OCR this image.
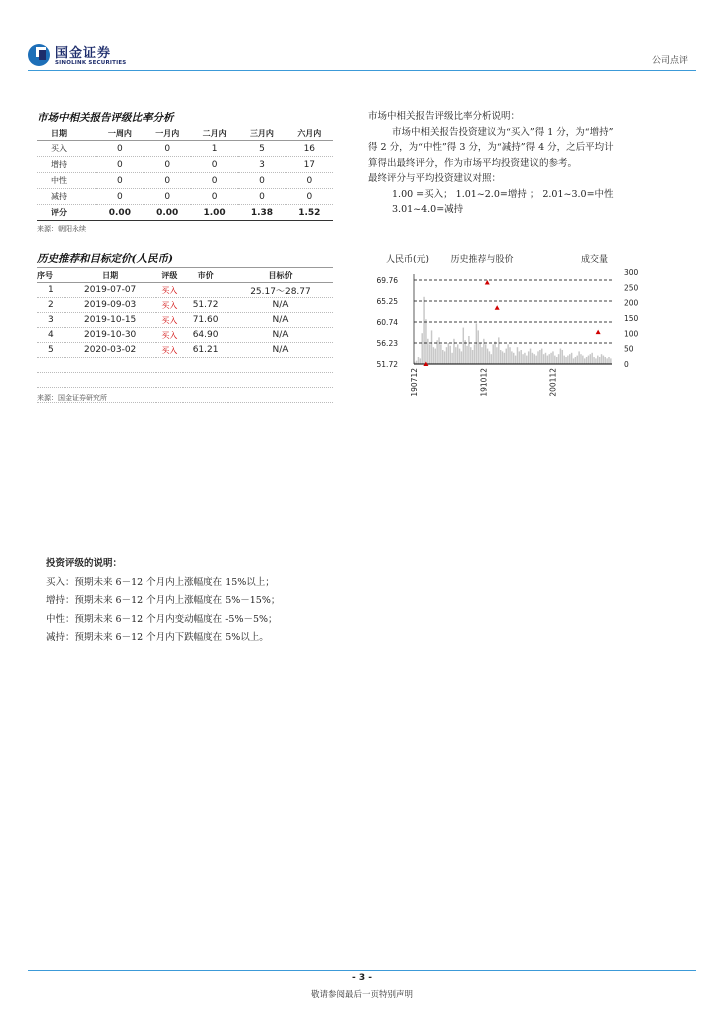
国金证券
SINOLINK SECURITIES	公司点评
市场中相关报告评级比率分析
日期	一周内	一月内	二月内	三月内	六月内
买入	0	0	1	5	16
增持	0	0	0	3	17
中性	0	0	0	0	0
减持	0	0	0	0	0
评分	0.00	0.00	1.00	1.38	1.52
来源：朝阳永续

市场中相关报告评级比率分析说明：

市场中相关报告投资建议为“买入”得 1 分，为“增持”

得 2 分，为“中性”得 3 分，为“减持”得 4 分，之后平均计

算得出最终评分，作为市场平均投资建议的参考。

最终评分与平均投资建议对照：

1.00 =买入； 1.01~2.0=增持 ； 2.01~3.0=中性

3.01~4.0=减持

历史推荐和目标定价(人民币)
序号	日期	评级	市价	目标价
1	2019-07-07	买入		25.17～28.77
2	2019-09-03	买入	51.72	N/A
3	2019-10-15	买入	71.60	N/A
4	2019-10-30	买入	64.90	N/A
5	2020-03-02	买入	61.21	N/A

来源：国金证券研究所
历史推荐与股价
人民币(元)	成交量
69.76
65.25
60.74
56.23
51.72
300
250
200
150
100
50
0
190712	191012	200112
投资评级的说明：
买入：预期未来 6－12 个月内上涨幅度在 15%以上；
增持：预期未来 6－12 个月内上涨幅度在 5%－15%；
中性：预期未来 6－12 个月内变动幅度在 -5%－5%；
减持：预期未来 6－12 个月内下跌幅度在 5%以上。
- 3 -
敬请参阅最后一页特别声明
